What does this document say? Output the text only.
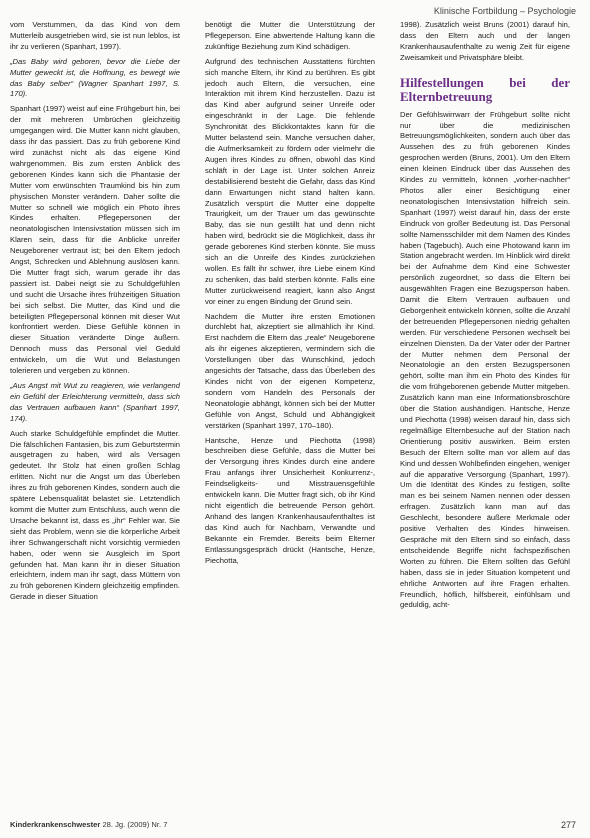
Klinische Fortbildung – Psychologie

vom Verstummen, da das Kind von dem Mutterleib ausgetrieben wird, sie ist nun leblos, ist ihr zu verlieren (Spanhart, 1997).

„Das Baby wird geboren, bevor die Liebe der Mutter geweckt ist, die Hoffnung, es bewegt wie das Baby selber“ (Wagner Spanhart 1997, S. 170).

Spanhart (1997) weist auf eine Frühgeburt hin, bei der mit mehreren Umbrüchen gleichzeitig umgegangen wird. Die Mutter kann nicht glauben, dass ihr das passiert. Das zu früh geborene Kind wird zunächst nicht als das eigene Kind wahrgenommen. Bis zum ersten Anblick des geborenen Kindes kann sich die Phantasie der Mutter vom erwünschten Traumkind bis hin zum physischen Monster verändern. Daher sollte die Mutter so schnell wie möglich ein Photo ihres Kindes erhalten. Pflegepersonen der neonatologischen Intensivstation müssen sich im Klaren sein, dass für die Anblicke unreifer Neugeborener vertraut ist; bei den Eltern jedoch Angst, Schrecken und Ablehnung auslösen kann. Die Mutter fragt sich, warum gerade ihr das passiert ist. Dabei neigt sie zu Schuldgefühlen und sucht die Ursache ihres frühzeitigen Situation bei sich selbst. Die Mutter, das Kind und die beteiligten Pflegepersonal können mit dieser Wut konfrontiert werden. Diese Gefühle können in dieser Situation veränderte Dinge äußern. Dennoch muss das Personal viel Geduld entwickeln, um die Wut und Belastungen tolerieren und vergeben zu können.

„Aus Angst mit Wut zu reagieren, wie verlangend ein Gefühl der Erleichterung vermitteln, dass sich das Vertrauen aufbauen kann“ (Spanhart 1997, 174).

Auch starke Schuldgefühle empfindet die Mutter. Die fälschlichen Fantasien, bis zum Geburtstermin ausgetragen zu haben, wird als Versagen gedeutet. Ihr Stolz hat einen großen Schlag erlitten. Nicht nur die Angst um das Überleben ihres zu früh geborenen Kindes, sondern auch die spätere Lebensqualität belastet sie. Letztendlich kommt die Mutter zum Entschluss, auch wenn die Ursache bekannt ist, dass es „ihr“ Fehler war. Sie sieht das Problem, wenn sie die körperliche Arbeit ihrer Schwangerschaft nicht vorsichtig vermieden haben, oder wenn sie Ausgleich im Sport gefunden hat. Man kann ihr in dieser Situation erleichtern, indem man ihr sagt, dass Müttern von zu früh geborenen Kindern gleichzeitig empfinden. Gerade in dieser Situation

benötigt die Mutter die Unterstützung der Pflegeperson. Eine abwertende Haltung kann die zukünftige Beziehung zum Kind schädigen.

Aufgrund des technischen Ausstattens fürchten sich manche Eltern, ihr Kind zu berühren. Es gibt jedoch auch Eltern, die versuchen, eine Interaktion mit ihrem Kind herzustellen. Dazu ist das Kind aber aufgrund seiner Unreife oder eingeschränkt in der Lage. Die fehlende Synchronität des Blickkontaktes kann für die Mutter belastend sein. Manche versuchen daher, die Aufmerksamkeit zu fördern oder vielmehr die Augen ihres Kindes zu öffnen, obwohl das Kind schläft in der Lage ist. Unter solchen Anreiz destabilisierend besteht die Gefahr, dass das Kind dann Erwartungen nicht stand halten kann. Zusätzlich verspürt die Mutter eine doppelte Traurigkeit, um der Trauer um das gewünschte Baby, das sie nun gestillt hat und denn nicht haben wird, bedrückt sie die Möglichkeit, dass ihr gerade geborenes Kind sterben könnte. Sie muss sich an die Unreife des Kindes zurückziehen wollen. Es fällt ihr schwer, ihre Liebe einem Kind zu schenken, das bald sterben könnte. Falls eine Mutter zurückweisend reagiert, kann also Angst vor einer zu engen Bindung der Grund sein.

Nachdem die Mutter ihre ersten Emotionen durchlebt hat, akzeptiert sie allmählich ihr Kind. Erst nachdem die Eltern das „reale“ Neugeborene als ihr eigenes akzeptieren, vermindern sich die Vorstellungen über das Wunschkind, jedoch angesichts der Tatsache, dass das Überleben des Kindes nicht von der eigenen Kompetenz, sondern vom Handeln des Personals der Neonatologie abhängt, können sich bei der Mutter Gefühle von Angst, Schuld und Abhängigkeit verstärken (Spanhart 1997, 170–180).

Hantsche, Henze und Piechotta (1998) beschreiben diese Gefühle, dass die Mutter bei der Versorgung ihres Kindes durch eine andere Frau anfangs ihrer Unsicherheit Konkurrenz-, Feindseligkeits- und Misstrauensgefühle entwickeln kann. Die Mutter fragt sich, ob ihr Kind nicht eigentlich die betreuende Person gehört. Anhand des langen Krankenhausaufenthaltes ist das Kind auch für Nachbarn, Verwandte und Bekannte ein Fremder. Bereits beim Elterner Entlassungsgespräch drückt (Hantsche, Henze, Piechotta,

1998). Zusätzlich weist Bruns (2001) darauf hin, dass den Eltern auch und der langen Krankenhausaufenthalte zu wenig Zeit für eigene Zweisamkeit und Privatsphäre bleibt.

Hilfestellungen bei der Elternbetreuung

Der Gefühlswirrwarr der Frühgeburt sollte nicht nur über die medizinischen Betreuungsmöglichkeiten, sondern auch über das Aussehen des zu früh geborenen Kindes gesprochen werden (Bruns, 2001). Um den Eltern einen kleinen Eindruck über das Aussehen des Kindes zu vermitteln, können „vorher-nachher“ Photos aller einer Besichtigung einer neonatologischen Intensivstation hilfreich sein. Spanhart (1997) weist darauf hin, dass der erste Eindruck von großer Bedeutung ist. Das Personal sollte Namensschilder mit dem Namen des Kindes haben (Tagebuch). Auch eine Photowand kann im Station angebracht werden. Im Hinblick wird direkt bei der Aufnahme dem Kind eine Schwester persönlich zugeordnet, so dass die Eltern bei ausgewählten Fragen eine Bezugsperson haben. Damit die Eltern Vertrauen aufbauen und Geborgenheit entwickeln können, sollte die Anzahl der betreuenden Pflegepersonen niedrig gehalten werden. Für verschiedene Personen wechselt bei einzelnen Diensten. Da der Vater oder der Partner der Mutter nehmen dem Personal der Neonatologie an den ersten Bezugspersonen gehört, sollte man ihm ein Photo des Kindes für die vom frühgeborenen gebende Mutter mitgeben. Zusätzlich kann man eine Informationsbroschüre über die Station aushändigen. Hantsche, Henze und Piechotta (1998) weisen darauf hin, dass sich regelmäßige Elternbesuche auf der Station nach Orientierung positiv auswirken. Beim ersten Besuch der Eltern sollte man vor allem auf das Kind und dessen Wohlbefinden eingehen, weniger auf die apparative Versorgung (Spanhart, 1997). Um die Identität des Kindes zu festigen, sollte man es bei seinem Namen nennen oder dessen erfragen. Zusätzlich kann man auf das Geschlecht, besondere äußere Merkmale oder positive Verhalten des Kindes hinweisen. Gespräche mit den Eltern sind so einfach, dass entscheidende Begriffe nicht fachspezifischen Worten zu führen. Die Eltern sollten das Gefühl haben, dass sie in jeder Situation kompetent und ehrliche Antworten auf ihre Fragen erhalten. Freundlich, höflich, hilfsbereit, einfühlsam und geduldig, acht-

Kinderkrankenschwester 28. Jg. (2009) Nr. 7	277
